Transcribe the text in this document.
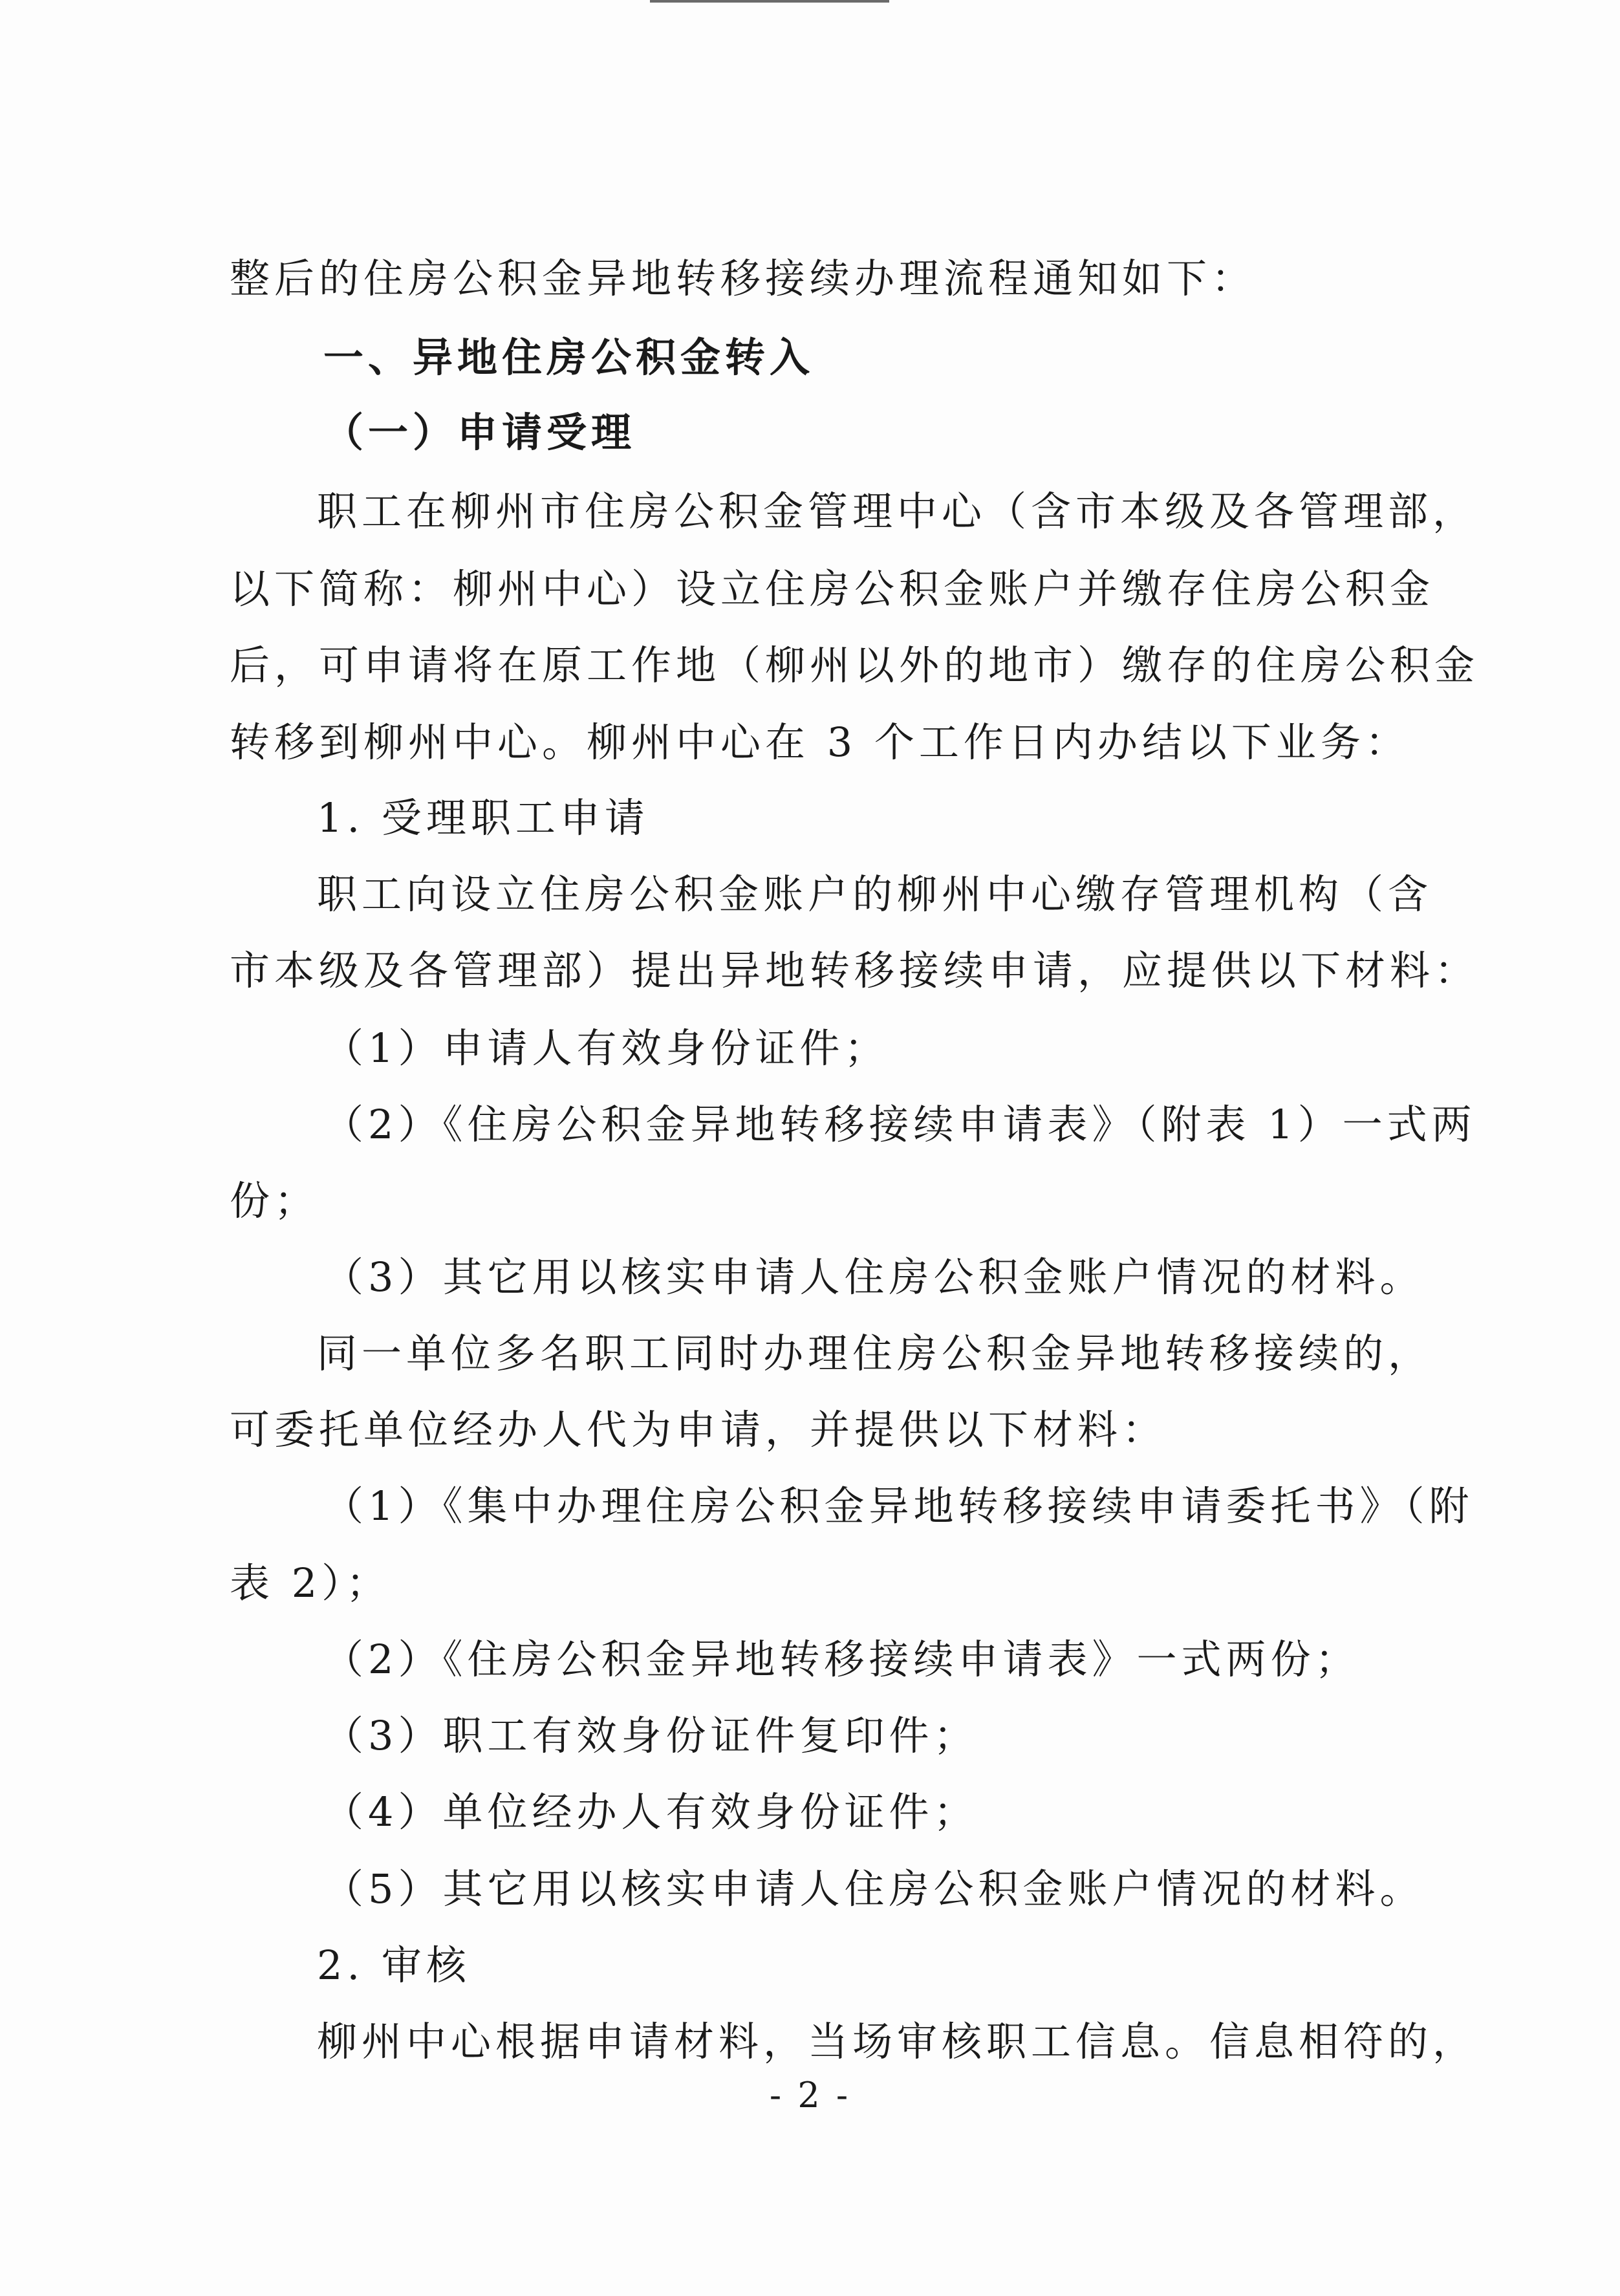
整后的住房公积金异地转移接续办理流程通知如下：
一、异地住房公积金转入
（一）申请受理
职工在柳州市住房公积金管理中心（含市本级及各管理部，
以下简称：柳州中心）设立住房公积金账户并缴存住房公积金
后，可申请将在原工作地（柳州以外的地市）缴存的住房公积金
转移到柳州中心。柳州中心在 3 个工作日内办结以下业务：
1. 受理职工申请
职工向设立住房公积金账户的柳州中心缴存管理机构（含
市本级及各管理部）提出异地转移接续申请，应提供以下材料：
（1）申请人有效身份证件；
（2）《住房公积金异地转移接续申请表》（附表 1）一式两
份；
（3）其它用以核实申请人住房公积金账户情况的材料。
同一单位多名职工同时办理住房公积金异地转移接续的，
可委托单位经办人代为申请，并提供以下材料：
（1）《集中办理住房公积金异地转移接续申请委托书》（附
表 2）；
（2）《住房公积金异地转移接续申请表》一式两份；
（3）职工有效身份证件复印件；
（4）单位经办人有效身份证件；
（5）其它用以核实申请人住房公积金账户情况的材料。
2. 审核
柳州中心根据申请材料，当场审核职工信息。信息相符的，
- 2 -
